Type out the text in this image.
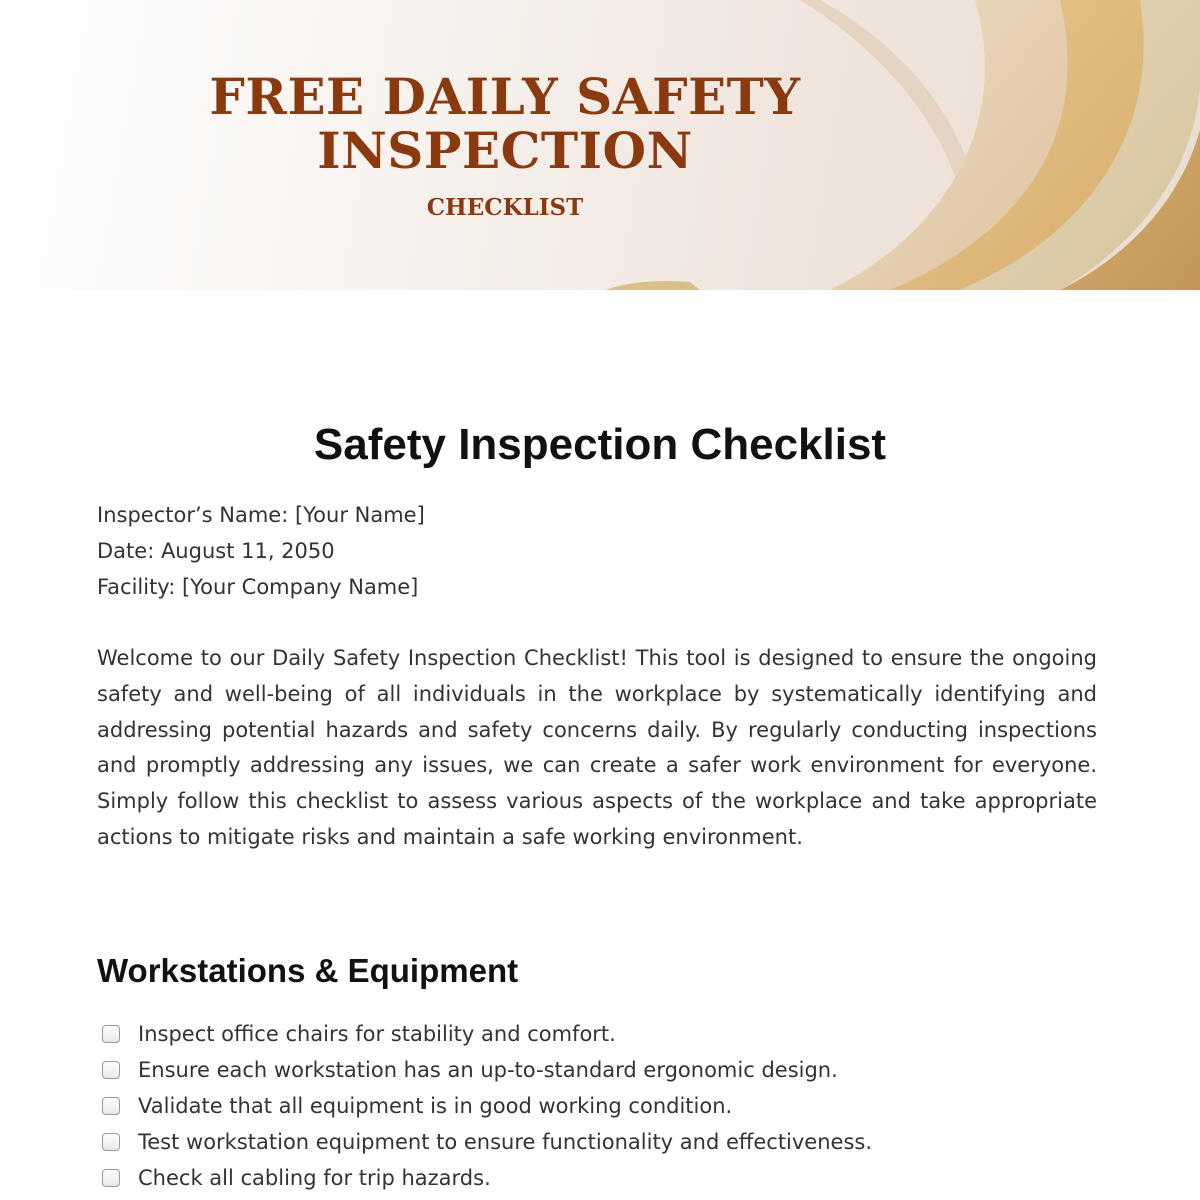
FREE DAILY SAFETY INSPECTION
CHECKLIST
Safety Inspection Checklist
Inspector’s Name: [Your Name]
Date: August 11, 2050
Facility: [Your Company Name]

Welcome to our Daily Safety Inspection Checklist! This tool is designed to ensure the ongoing safety and well-being of all individuals in the workplace by systematically identifying and addressing potential hazards and safety concerns daily. By regularly conducting inspections and promptly addressing any issues, we can create a safer work environment for everyone. Simply follow this checklist to assess various aspects of the workplace and take appropriate actions to mitigate risks and maintain a safe working environment.

Workstations & Equipment
Inspect office chairs for stability and comfort.
Ensure each workstation has an up-to-standard ergonomic design.
Validate that all equipment is in good working condition.
Test workstation equipment to ensure functionality and effectiveness.
Check all cabling for trip hazards.
